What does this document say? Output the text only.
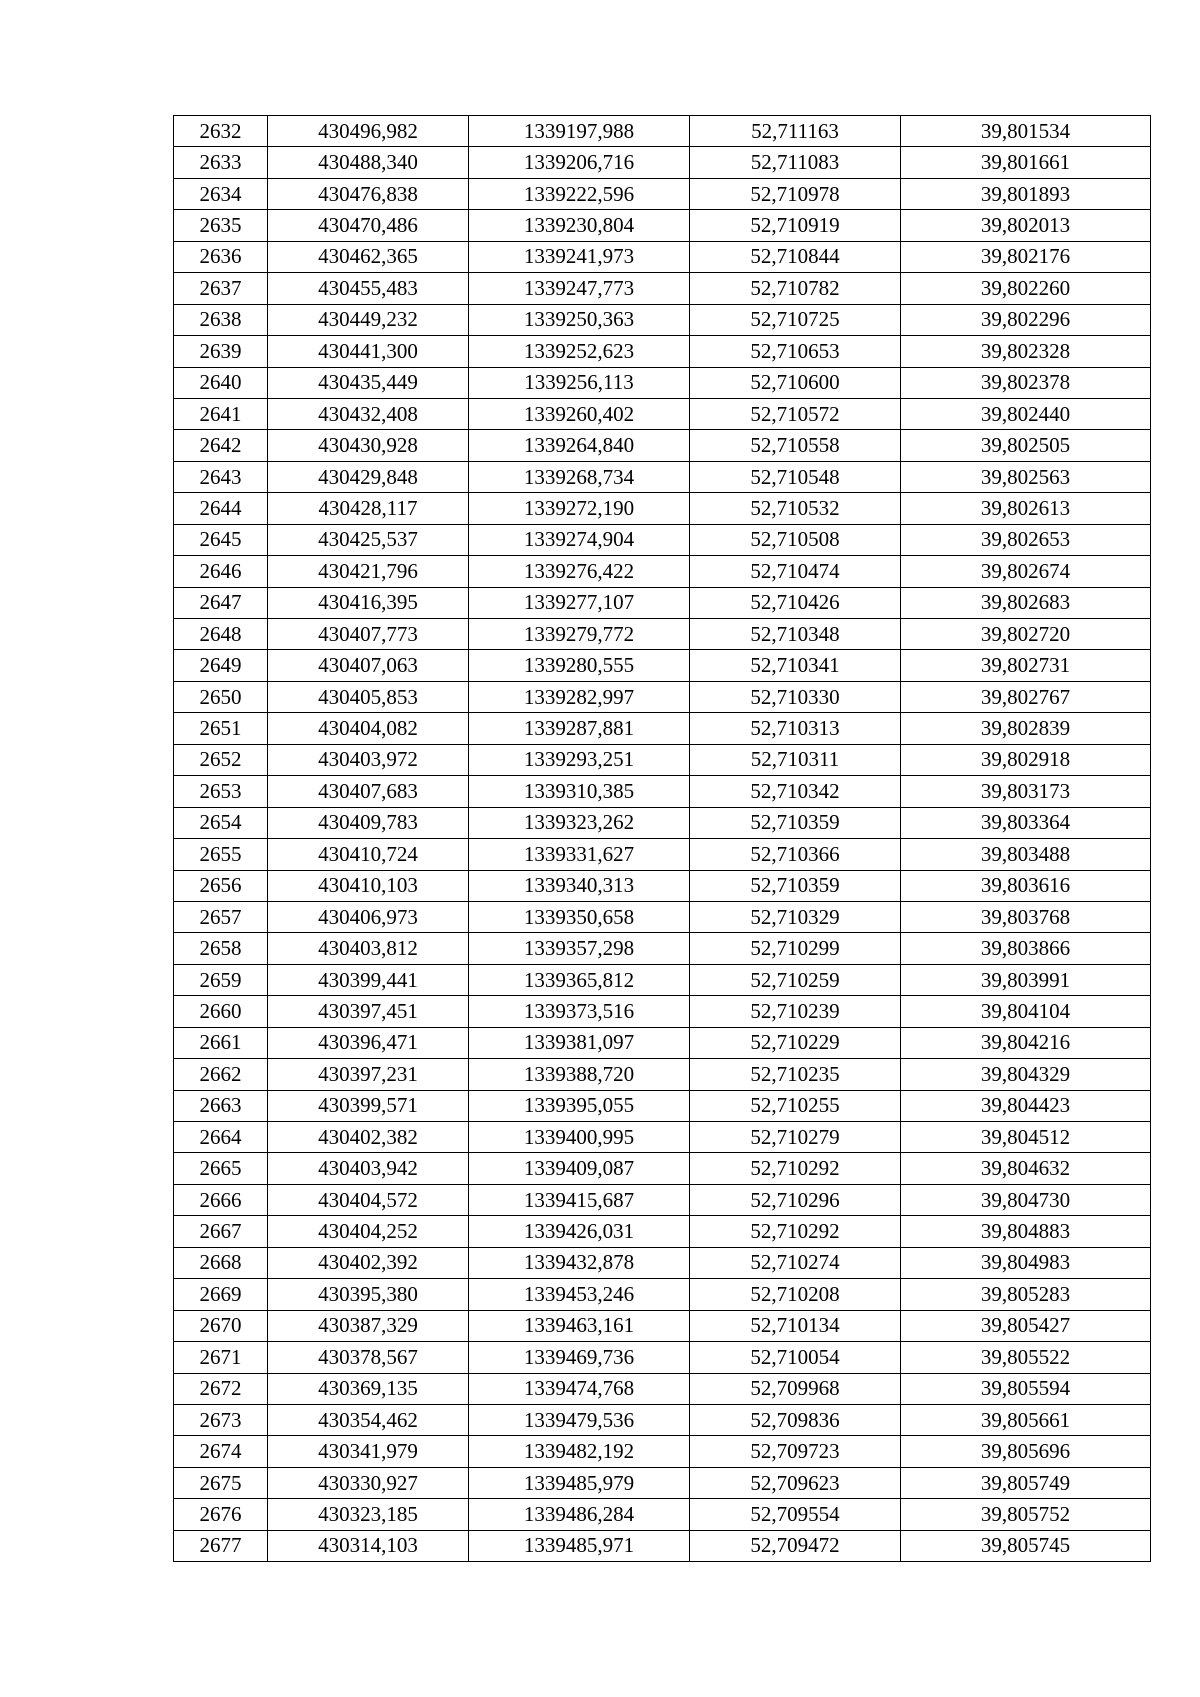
2632	430496,982	1339197,988	52,711163	39,801534
2633	430488,340	1339206,716	52,711083	39,801661
2634	430476,838	1339222,596	52,710978	39,801893
2635	430470,486	1339230,804	52,710919	39,802013
2636	430462,365	1339241,973	52,710844	39,802176
2637	430455,483	1339247,773	52,710782	39,802260
2638	430449,232	1339250,363	52,710725	39,802296
2639	430441,300	1339252,623	52,710653	39,802328
2640	430435,449	1339256,113	52,710600	39,802378
2641	430432,408	1339260,402	52,710572	39,802440
2642	430430,928	1339264,840	52,710558	39,802505
2643	430429,848	1339268,734	52,710548	39,802563
2644	430428,117	1339272,190	52,710532	39,802613
2645	430425,537	1339274,904	52,710508	39,802653
2646	430421,796	1339276,422	52,710474	39,802674
2647	430416,395	1339277,107	52,710426	39,802683
2648	430407,773	1339279,772	52,710348	39,802720
2649	430407,063	1339280,555	52,710341	39,802731
2650	430405,853	1339282,997	52,710330	39,802767
2651	430404,082	1339287,881	52,710313	39,802839
2652	430403,972	1339293,251	52,710311	39,802918
2653	430407,683	1339310,385	52,710342	39,803173
2654	430409,783	1339323,262	52,710359	39,803364
2655	430410,724	1339331,627	52,710366	39,803488
2656	430410,103	1339340,313	52,710359	39,803616
2657	430406,973	1339350,658	52,710329	39,803768
2658	430403,812	1339357,298	52,710299	39,803866
2659	430399,441	1339365,812	52,710259	39,803991
2660	430397,451	1339373,516	52,710239	39,804104
2661	430396,471	1339381,097	52,710229	39,804216
2662	430397,231	1339388,720	52,710235	39,804329
2663	430399,571	1339395,055	52,710255	39,804423
2664	430402,382	1339400,995	52,710279	39,804512
2665	430403,942	1339409,087	52,710292	39,804632
2666	430404,572	1339415,687	52,710296	39,804730
2667	430404,252	1339426,031	52,710292	39,804883
2668	430402,392	1339432,878	52,710274	39,804983
2669	430395,380	1339453,246	52,710208	39,805283
2670	430387,329	1339463,161	52,710134	39,805427
2671	430378,567	1339469,736	52,710054	39,805522
2672	430369,135	1339474,768	52,709968	39,805594
2673	430354,462	1339479,536	52,709836	39,805661
2674	430341,979	1339482,192	52,709723	39,805696
2675	430330,927	1339485,979	52,709623	39,805749
2676	430323,185	1339486,284	52,709554	39,805752
2677	430314,103	1339485,971	52,709472	39,805745
